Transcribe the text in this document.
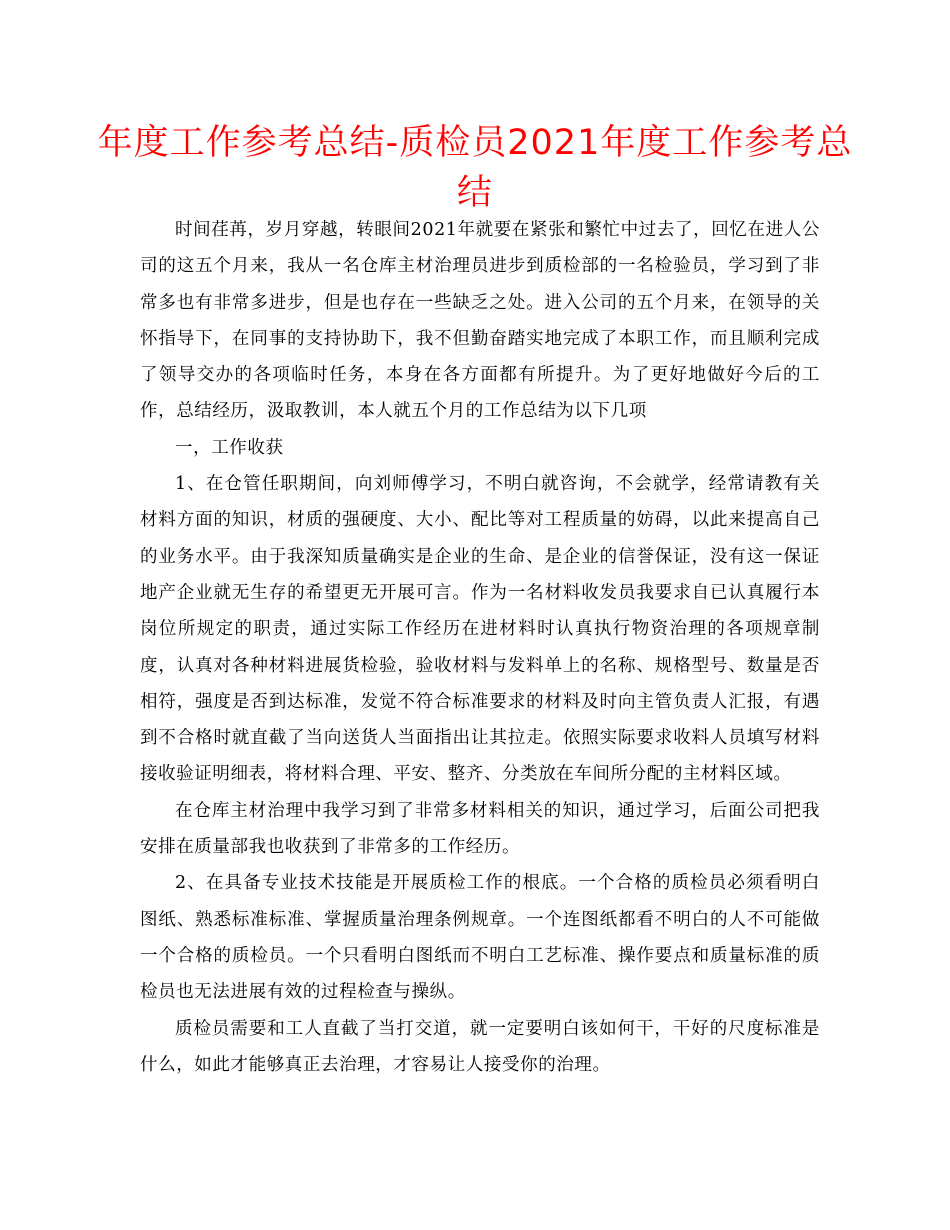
年度工作参考总结-质检员2021年度工作参考总结

时间荏苒，岁月穿越，转眼间2021年就要在紧张和繁忙中过去了，回忆在进人公司的这五个月来，我从一名仓库主材治理员进步到质检部的一名检验员，学习到了非常多也有非常多进步，但是也存在一些缺乏之处。进入公司的五个月来，在领导的关怀指导下，在同事的支持协助下，我不但勤奋踏实地完成了本职工作，而且顺利完成了领导交办的各项临时任务，本身在各方面都有所提升。为了更好地做好今后的工作，总结经历，汲取教训，本人就五个月的工作总结为以下几项

一，工作收获

1、在仓管任职期间，向刘师傅学习，不明白就咨询，不会就学，经常请教有关材料方面的知识，材质的强硬度、大小、配比等对工程质量的妨碍，以此来提高自己的业务水平。由于我深知质量确实是企业的生命、是企业的信誉保证，没有这一保证地产企业就无生存的希望更无开展可言。作为一名材料收发员我要求自已认真履行本岗位所规定的职责，通过实际工作经历在进材料时认真执行物资治理的各项规章制度，认真对各种材料进展货检验，验收材料与发料单上的名称、规格型号、数量是否相符，强度是否到达标准，发觉不符合标准要求的材料及时向主管负责人汇报，有遇到不合格时就直截了当向送货人当面指出让其拉走。依照实际要求收料人员填写材料接收验证明细表，将材料合理、平安、整齐、分类放在车间所分配的主材料区域。

在仓库主材治理中我学习到了非常多材料相关的知识，通过学习，后面公司把我安排在质量部我也收获到了非常多的工作经历。

2、在具备专业技术技能是开展质检工作的根底。一个合格的质检员必须看明白图纸、熟悉标准标准、掌握质量治理条例规章。一个连图纸都看不明白的人不可能做一个合格的质检员。一个只看明白图纸而不明白工艺标准、操作要点和质量标准的质检员也无法进展有效的过程检查与操纵。

质检员需要和工人直截了当打交道，就一定要明白该如何干，干好的尺度标准是什么，如此才能够真正去治理，才容易让人接受你的治理。
